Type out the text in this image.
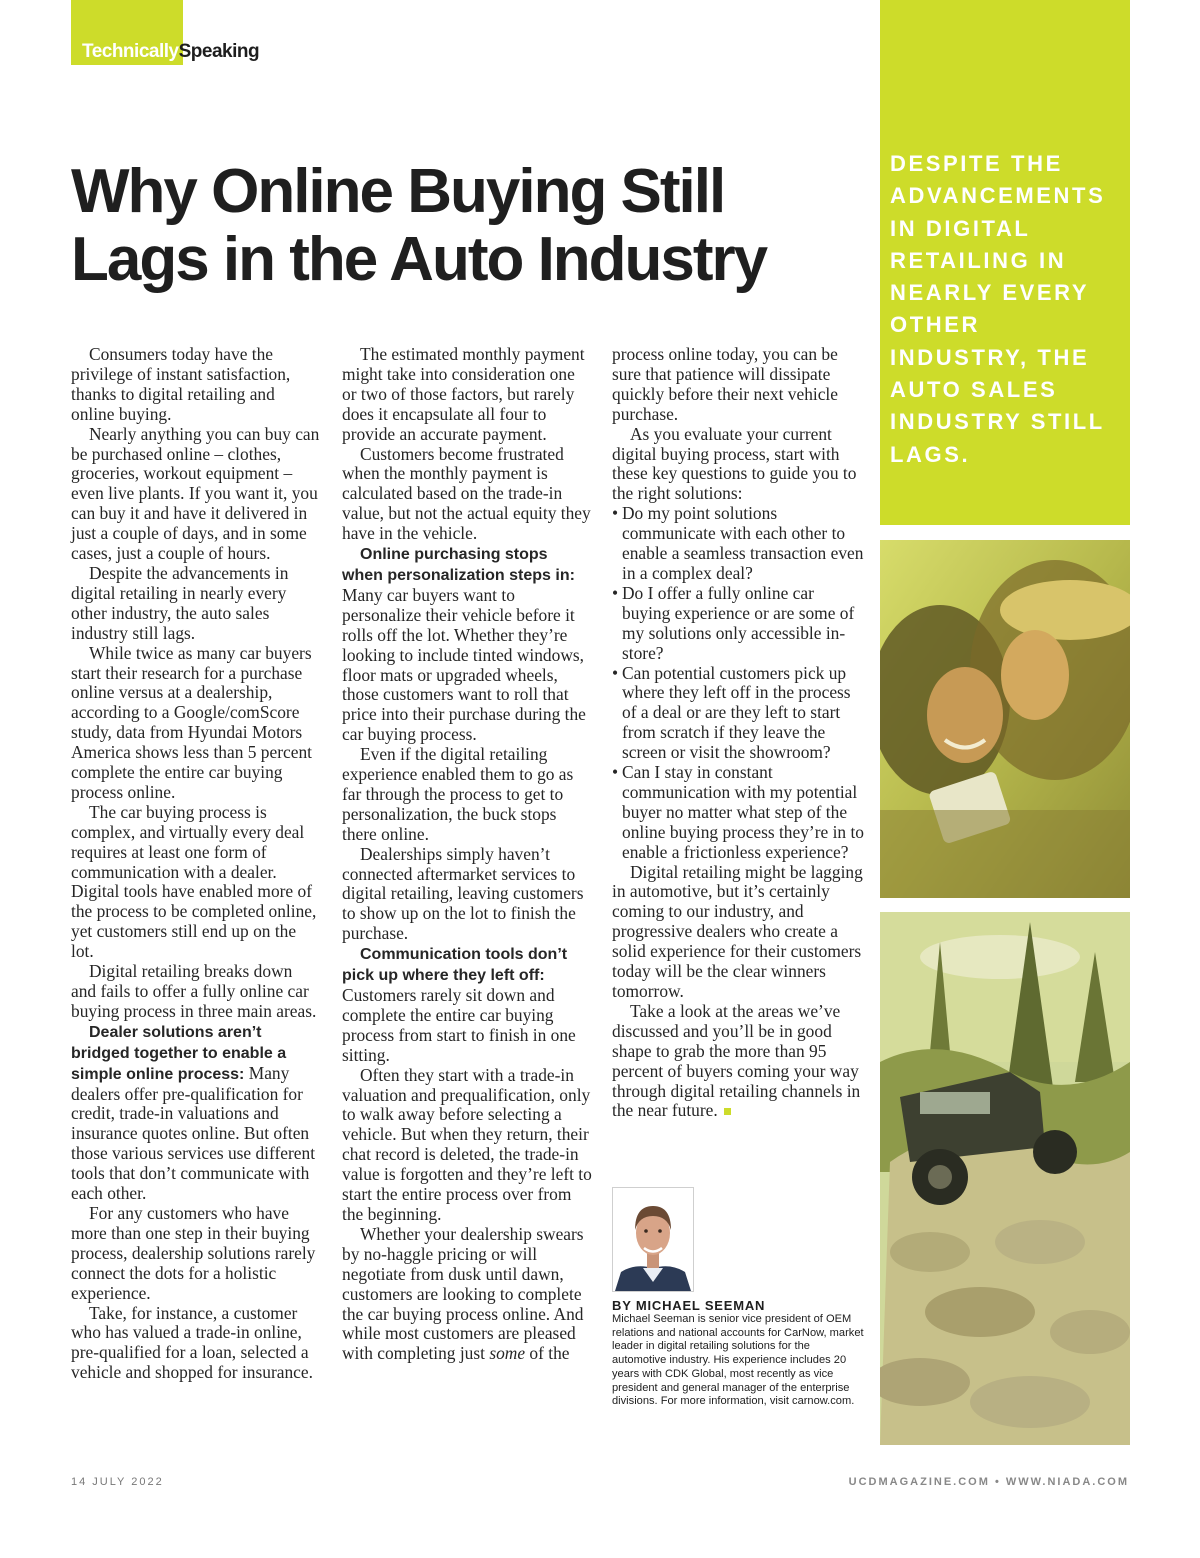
TechnicallySpeaking
Why Online Buying Still Lags in the Auto Industry

Consumers today have the privilege of instant satisfaction, thanks to digital retailing and online buying.

Nearly anything you can buy can be purchased online – clothes, groceries, workout equipment – even live plants. If you want it, you can buy it and have it delivered in just a couple of days, and in some cases, just a couple of hours.

Despite the advancements in digital retailing in nearly every other industry, the auto sales industry still lags.

While twice as many car buyers start their research for a purchase online versus at a dealership, according to a Google/comScore study, data from Hyundai Motors America shows less than 5 percent complete the entire car buying process online.

The car buying process is complex, and virtually every deal requires at least one form of communication with a dealer. Digital tools have enabled more of the process to be completed online, yet customers still end up on the lot.

Digital retailing breaks down and fails to offer a fully online car buying process in three main areas.

Dealer solutions aren’t bridged together to enable a simple online process: Many dealers offer pre-qualification for credit, trade-in valuations and insurance quotes online. But often those various services use different tools that don’t communicate with each other.

For any customers who have more than one step in their buying process, dealership solutions rarely connect the dots for a holistic experience.

Take, for instance, a customer who has valued a trade-in online, pre-qualified for a loan, selected a vehicle and shopped for insurance.

The estimated monthly payment might take into consideration one or two of those factors, but rarely does it encapsulate all four to provide an accurate payment.

Customers become frustrated when the monthly payment is calculated based on the trade-in value, but not the actual equity they have in the vehicle.

Online purchasing stops when personalization steps in: Many car buyers want to personalize their vehicle before it rolls off the lot. Whether they’re looking to include tinted windows, floor mats or upgraded wheels, those customers want to roll that price into their purchase during the car buying process.

Even if the digital retailing experience enabled them to go as far through the process to get to personalization, the buck stops there online.

Dealerships simply haven’t connected aftermarket services to digital retailing, leaving customers to show up on the lot to finish the purchase.

Communication tools don’t pick up where they left off: Customers rarely sit down and complete the entire car buying process from start to finish in one sitting.

Often they start with a trade-in valuation and prequalification, only to walk away before selecting a vehicle. But when they return, their chat record is deleted, the trade-in value is forgotten and they’re left to start the entire process over from the beginning.

Whether your dealership swears by no-haggle pricing or will negotiate from dusk until dawn, customers are looking to complete the car buying process online. And while most customers are pleased with completing just some of the

process online today, you can be sure that patience will dissipate quickly before their next vehicle purchase.

As you evaluate your current digital buying process, start with these key questions to guide you to the right solutions:

• Do my point solutions communicate with each other to enable a seamless transaction even in a complex deal?
• Do I offer a fully online car buying experience or are some of my solutions only accessible in-store?
• Can potential customers pick up where they left off in the process of a deal or are they left to start from scratch if they leave the screen or visit the showroom?
• Can I stay in constant communication with my potential buyer no matter what step of the online buying process they’re in to enable a frictionless experience?

Digital retailing might be lagging in automotive, but it’s certainly coming to our industry, and progressive dealers who create a solid experience for their customers today will be the clear winners tomorrow.

Take a look at the areas we’ve discussed and you’ll be in good shape to grab the more than 95 percent of buyers coming your way through digital retailing channels in the near future.

BY MICHAEL SEEMAN
Michael Seeman is senior vice president of OEM relations and national accounts for CarNow, market leader in digital retailing solutions for the automotive industry. His experience includes 20 years with CDK Global, most recently as vice president and general manager of the enterprise divisions. For more information, visit carnow.com.

DESPITE THE ADVANCEMENTS IN DIGITAL RETAILING IN NEARLY EVERY OTHER INDUSTRY, THE AUTO SALES INDUSTRY STILL LAGS.

14 JULY 2022	UCDMAGAZINE.COM • WWW.NIADA.COM
